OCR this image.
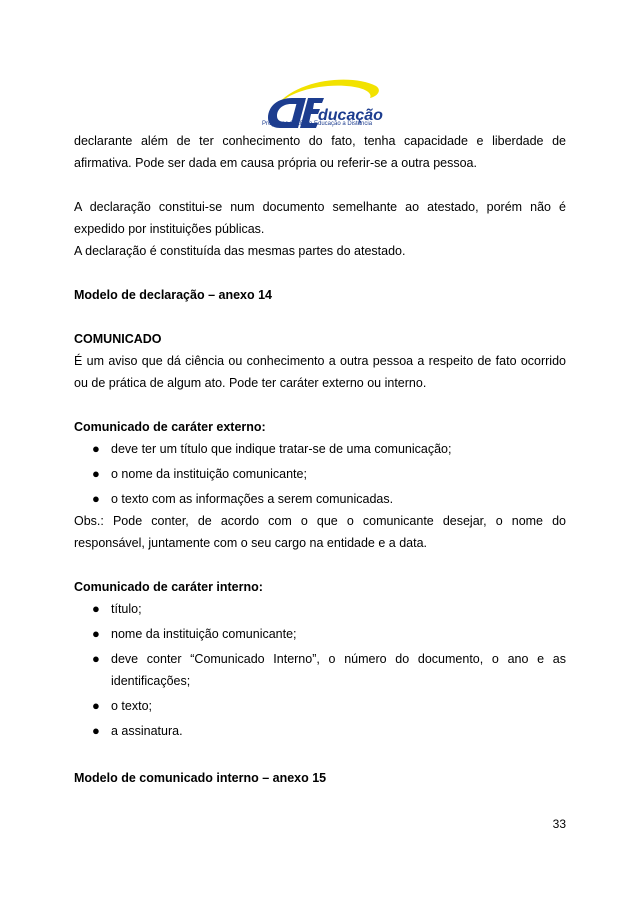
ducação
Programa CIEE de Educação a Distância

declarante além de ter conhecimento do fato, tenha capacidade e liberdade de

afirmativa. Pode ser dada em causa própria ou referir-se a outra pessoa.

A declaração constitui-se num documento semelhante ao atestado, porém não é

expedido por instituições públicas.

A declaração é constituída das mesmas partes do atestado.

Modelo de declaração – anexo 14

COMUNICADO

É um aviso que dá ciência ou conhecimento a outra pessoa a respeito de fato ocorrido

ou de prática de algum ato. Pode ter caráter externo ou interno.

Comunicado de caráter externo:

● deve ter um título que indique tratar-se de uma comunicação;
● o nome da instituição comunicante;
● o texto com as informações a serem comunicadas.

Obs.: Pode conter, de acordo com o que o comunicante desejar, o nome do

responsável, juntamente com o seu cargo na entidade e a data.

Comunicado de caráter interno:

● título;
● nome da instituição comunicante;
● deve conter “Comunicado Interno”, o número do documento, o ano e as identificações;
● o texto;
● a assinatura.

Modelo de comunicado interno – anexo 15

33
